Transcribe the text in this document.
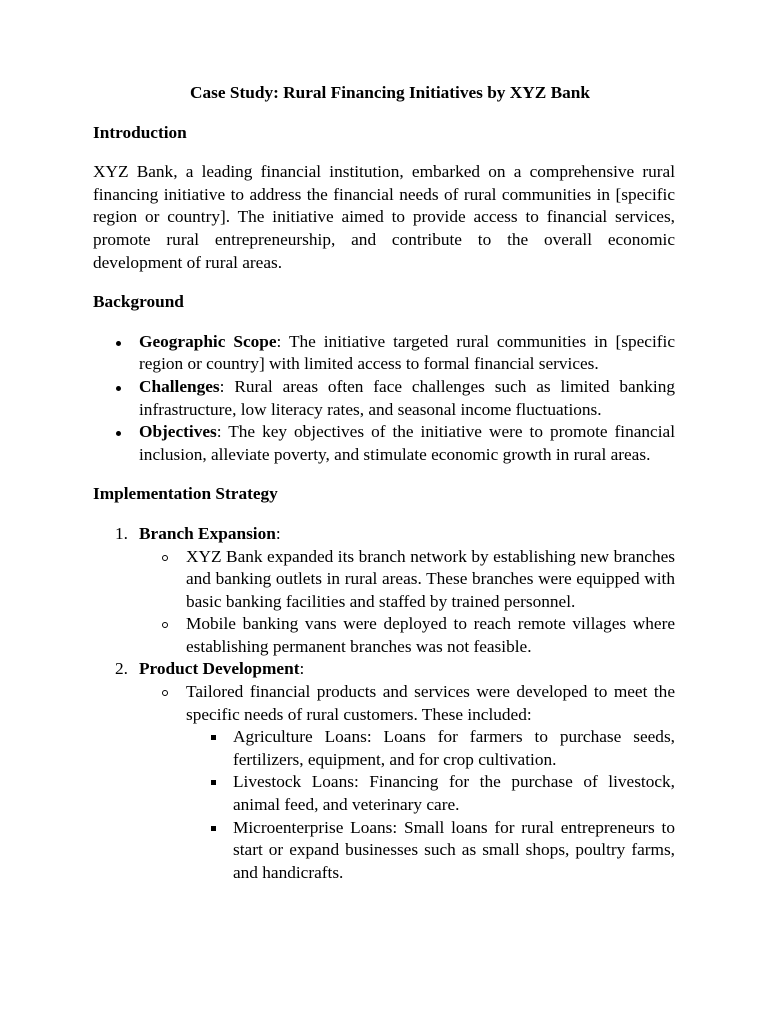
Case Study: Rural Financing Initiatives by XYZ Bank
Introduction

XYZ Bank, a leading financial institution, embarked on a comprehensive rural financing initiative to address the financial needs of rural communities in [specific region or country]. The initiative aimed to provide access to financial services, promote rural entrepreneurship, and contribute to the overall economic development of rural areas.

Background
Geographic Scope: The initiative targeted rural communities in [specific region or country] with limited access to formal financial services.
Challenges: Rural areas often face challenges such as limited banking infrastructure, low literacy rates, and seasonal income fluctuations.
Objectives: The key objectives of the initiative were to promote financial inclusion, alleviate poverty, and stimulate economic growth in rural areas.
Implementation Strategy
1. Branch Expansion:
XYZ Bank expanded its branch network by establishing new branches and banking outlets in rural areas. These branches were equipped with basic banking facilities and staffed by trained personnel.
Mobile banking vans were deployed to reach remote villages where establishing permanent branches was not feasible.
2. Product Development:
Tailored financial products and services were developed to meet the specific needs of rural customers. These included:
Agriculture Loans: Loans for farmers to purchase seeds, fertilizers, equipment, and for crop cultivation.
Livestock Loans: Financing for the purchase of livestock, animal feed, and veterinary care.
Microenterprise Loans: Small loans for rural entrepreneurs to start or expand businesses such as small shops, poultry farms, and handicrafts.
